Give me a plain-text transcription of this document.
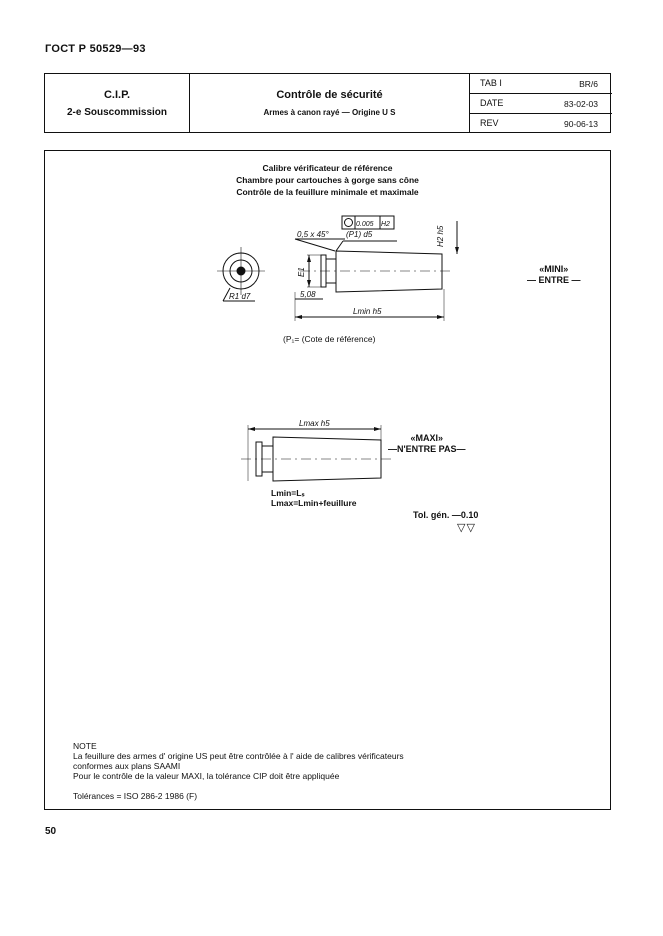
ГОСТ Р 50529—93
C.I.P.
2-e Souscommission
Contrôle de sécurité
Armes à canon rayé — Origine U S
TAB I	BR/6
DATE	83-02-03
REV	90-06-13
Calibre vérificateur de référence
Chambre pour cartouches à gorge sans cône
Contrôle de la feuillure minimale et maximale
0,5 x 45°
0.005 H2
(P1) d5	H2 h5
E1
R1 d7	5,08
Lmin h5
Lmax h5
«MINI»
— ENTRE —
(P₁= (Cote de référence)
«MAXI»
—N'ENTRE PAS—
Lmin=Lₛ
Lmax=Lmin+feuillure
Tol. gén. —0.10
▽▽
NOTE
La feuillure des armes d' origine US peut être contrôlée à l' aide de calibres vérificateurs
conformes aux plans SAAMI
Pour le contrôle de la valeur MAXI, la tolérance CIP doit être appliquée
Tolérances = ISO 286-2 1986 (F)
50
